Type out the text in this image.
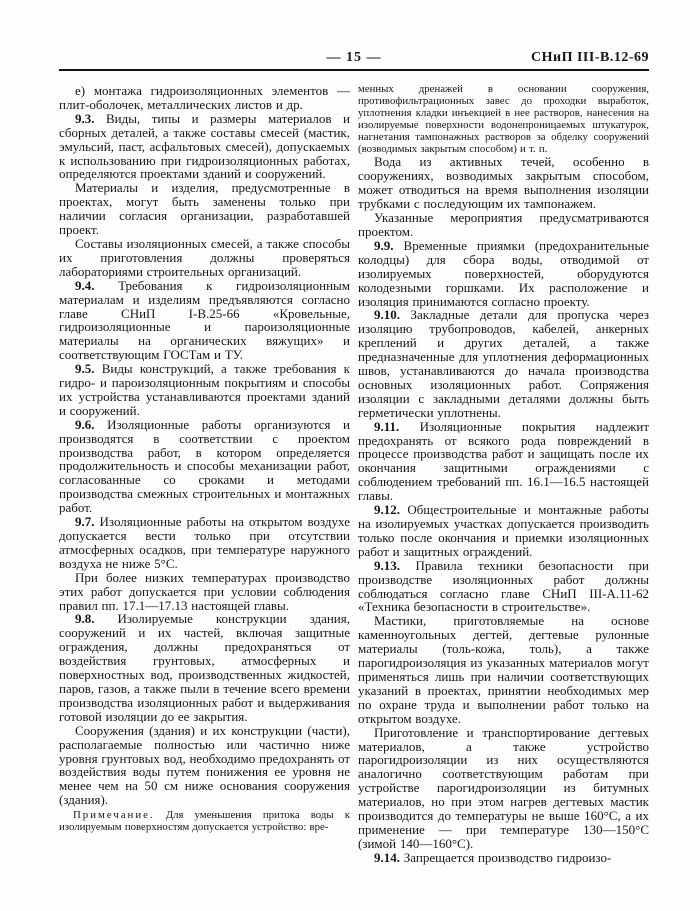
— 15 —	СНиП III-В.12-69

е) монтажа гидроизоляционных элементов — плит-оболочек, металлических листов и др.

9.3. Виды, типы и размеры материалов и сборных деталей, а также составы смесей (мастик, эмульсий, паст, асфальтовых смесей), допускаемых к использованию при гидроизоляционных работах, определяются проектами зданий и сооружений.

Материалы и изделия, предусмотренные в проектах, могут быть заменены только при наличии согласия организации, разработавшей проект.

Составы изоляционных смесей, а также способы их приготовления должны проверяться лабораториями строительных организаций.

9.4. Требования к гидроизоляционным материалам и изделиям предъявляются согласно главе СНиП I-В.25-66 «Кровельные, гидроизоляционные и пароизоляционные материалы на органических вяжущих» и соответствующим ГОСТам и ТУ.

9.5. Виды конструкций, а также требования к гидро- и пароизоляционным покрытиям и способы их устройства устанавливаются проектами зданий и сооружений.

9.6. Изоляционные работы организуются и производятся в соответствии с проектом производства работ, в котором определяется продолжительность и способы механизации работ, согласованные со сроками и методами производства смежных строительных и монтажных работ.

9.7. Изоляционные работы на открытом воздухе допускается вести только при отсутствии атмосферных осадков, при температуре наружного воздуха не ниже 5°С.

При более низких температурах производство этих работ допускается при условии соблюдения правил пп. 17.1—17.13 настоящей главы.

9.8. Изолируемые конструкции здания, сооружений и их частей, включая защитные ограждения, должны предохраняться от воздействия грунтовых, атмосферных и поверхностных вод, производственных жидкостей, паров, газов, а также пыли в течение всего времени производства изоляционных работ и выдерживания готовой изоляции до ее закрытия.

Сооружения (здания) и их конструкции (части), располагаемые полностью или частично ниже уровня грунтовых вод, необходимо предохранять от воздействия воды путем понижения ее уровня не менее чем на 50 см ниже основания сооружения (здания).

Примечание. Для уменьшения притока воды к изолируемым поверхностям допускается устройство: вре-

менных дренажей в основании сооружения, противофильтрационных завес до проходки выработок, уплотнения кладки инъекцией в нее растворов, нанесения на изолируемые поверхности водонепроницаемых штукатурок, нагнетания тампонажных растворов за обделку сооружений (возводимых закрытым способом) и т. п.

Вода из активных течей, особенно в сооружениях, возводимых закрытым способом, может отводиться на время выполнения изоляции трубками с последующим их тампонажем.

Указанные мероприятия предусматриваются проектом.

9.9. Временные приямки (предохранительные колодцы) для сбора воды, отводимой от изолируемых поверхностей, оборудуются колодезными горшками. Их расположение и изоляция принимаются согласно проекту.

9.10. Закладные детали для пропуска через изоляцию трубопроводов, кабелей, анкерных креплений и других деталей, а также предназначенные для уплотнения деформационных швов, устанавливаются до начала производства основных изоляционных работ. Сопряжения изоляции с закладными деталями должны быть герметически уплотнены.

9.11. Изоляционные покрытия надлежит предохранять от всякого рода повреждений в процессе производства работ и защищать после их окончания защитными ограждениями с соблюдением требований пп. 16.1—16.5 настоящей главы.

9.12. Общестроительные и монтажные работы на изолируемых участках допускается производить только после окончания и приемки изоляционных работ и защитных ограждений.

9.13. Правила техники безопасности при производстве изоляционных работ должны соблюдаться согласно главе СНиП III-А.11-62 «Техника безопасности в строительстве».

Мастики, приготовляемые на основе каменноугольных дегтей, дегтевые рулонные материалы (толь-кожа, толь), а также парогидроизоляция из указанных материалов могут применяться лишь при наличии соответствующих указаний в проектах, принятии необходимых мер по охране труда и выполнении работ только на открытом воздухе.

Приготовление и транспортирование дегтевых материалов, а также устройство парогидроизоляции из них осуществляются аналогично соответствующим работам при устройстве парогидроизоляции из битумных материалов, но при этом нагрев дегтевых мастик производится до температуры не выше 160°С, а их применение — при температуре 130—150°С (зимой 140—160°С).

9.14. Запрещается производство гидроизо-
